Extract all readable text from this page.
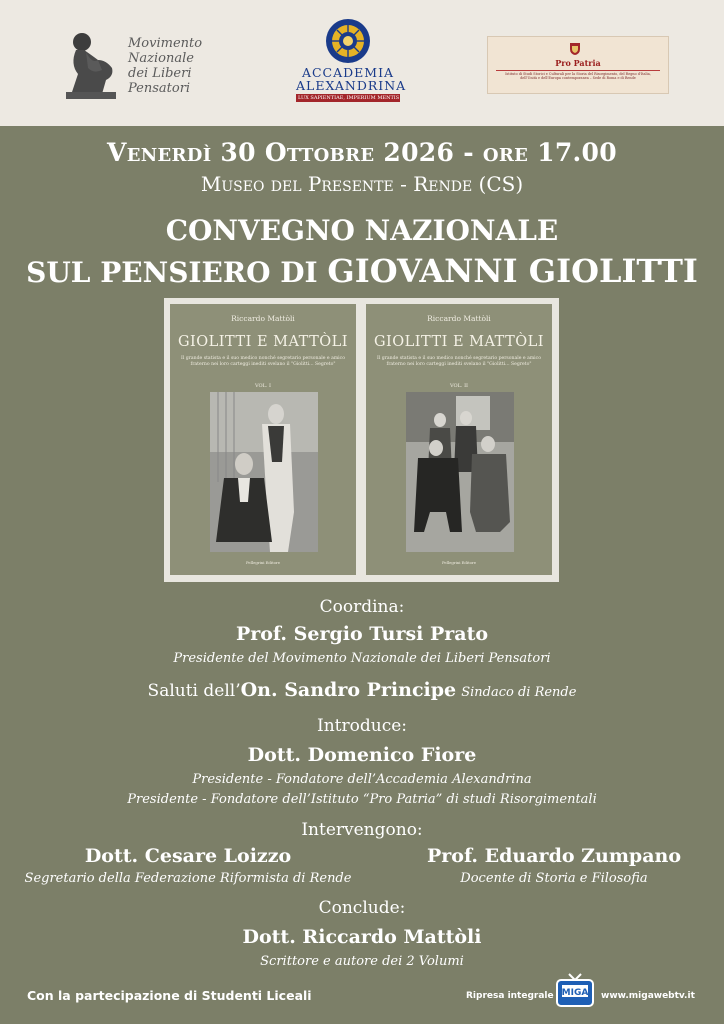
Movimento
Nazionale
dei Liberi
Pensatori
ACCADEMIA
ALEXANDRINA
LUX SAPIENTIAE, IMPERIUM MENTIS
Pro Patria
Istituto di Studi Storici e Culturali per la Storia del Risorgimento, del Regno d'Italia, dell'Unità e dell'Europa contemporanea – Sede di Roma e di Rende
Venerdì 30 Ottobre 2026 - ore 17.00
Museo del Presente - Rende (CS)
CONVEGNO NAZIONALE
SUL PENSIERO DI GIOVANNI GIOLITTI
Riccardo Mattòli
GIOLITTI E MATTÒLI
Il grande statista e il suo medico nonché segretario personale e amico fraterno nei loro carteggi inediti svelano il "Giolitti... Segreto"
VOL. I
Pellegrini Editore
Riccardo Mattòli
GIOLITTI E MATTÒLI
Il grande statista e il suo medico nonché segretario personale e amico fraterno nei loro carteggi inediti svelano il "Giolitti... Segreto"
VOL. II
Pellegrini Editore
Coordina:
Prof. Sergio Tursi Prato
Presidente del Movimento Nazionale dei Liberi Pensatori
Saluti dell’On. Sandro Principe Sindaco di Rende
Introduce:
Dott. Domenico Fiore
Presidente - Fondatore dell’Accademia Alexandrina
Presidente - Fondatore dell’Istituto “Pro Patria” di studi Risorgimentali
Intervengono:
Dott. Cesare Loizzo
Segretario della Federazione Riformista di Rende
Prof. Eduardo Zumpano
Docente di Storia e Filosofia
Conclude:
Dott. Riccardo Mattòli
Scrittore e autore dei 2 Volumi
Con la partecipazione di Studenti Liceali	Ripresa integrale MIGA www.migawebtv.it
